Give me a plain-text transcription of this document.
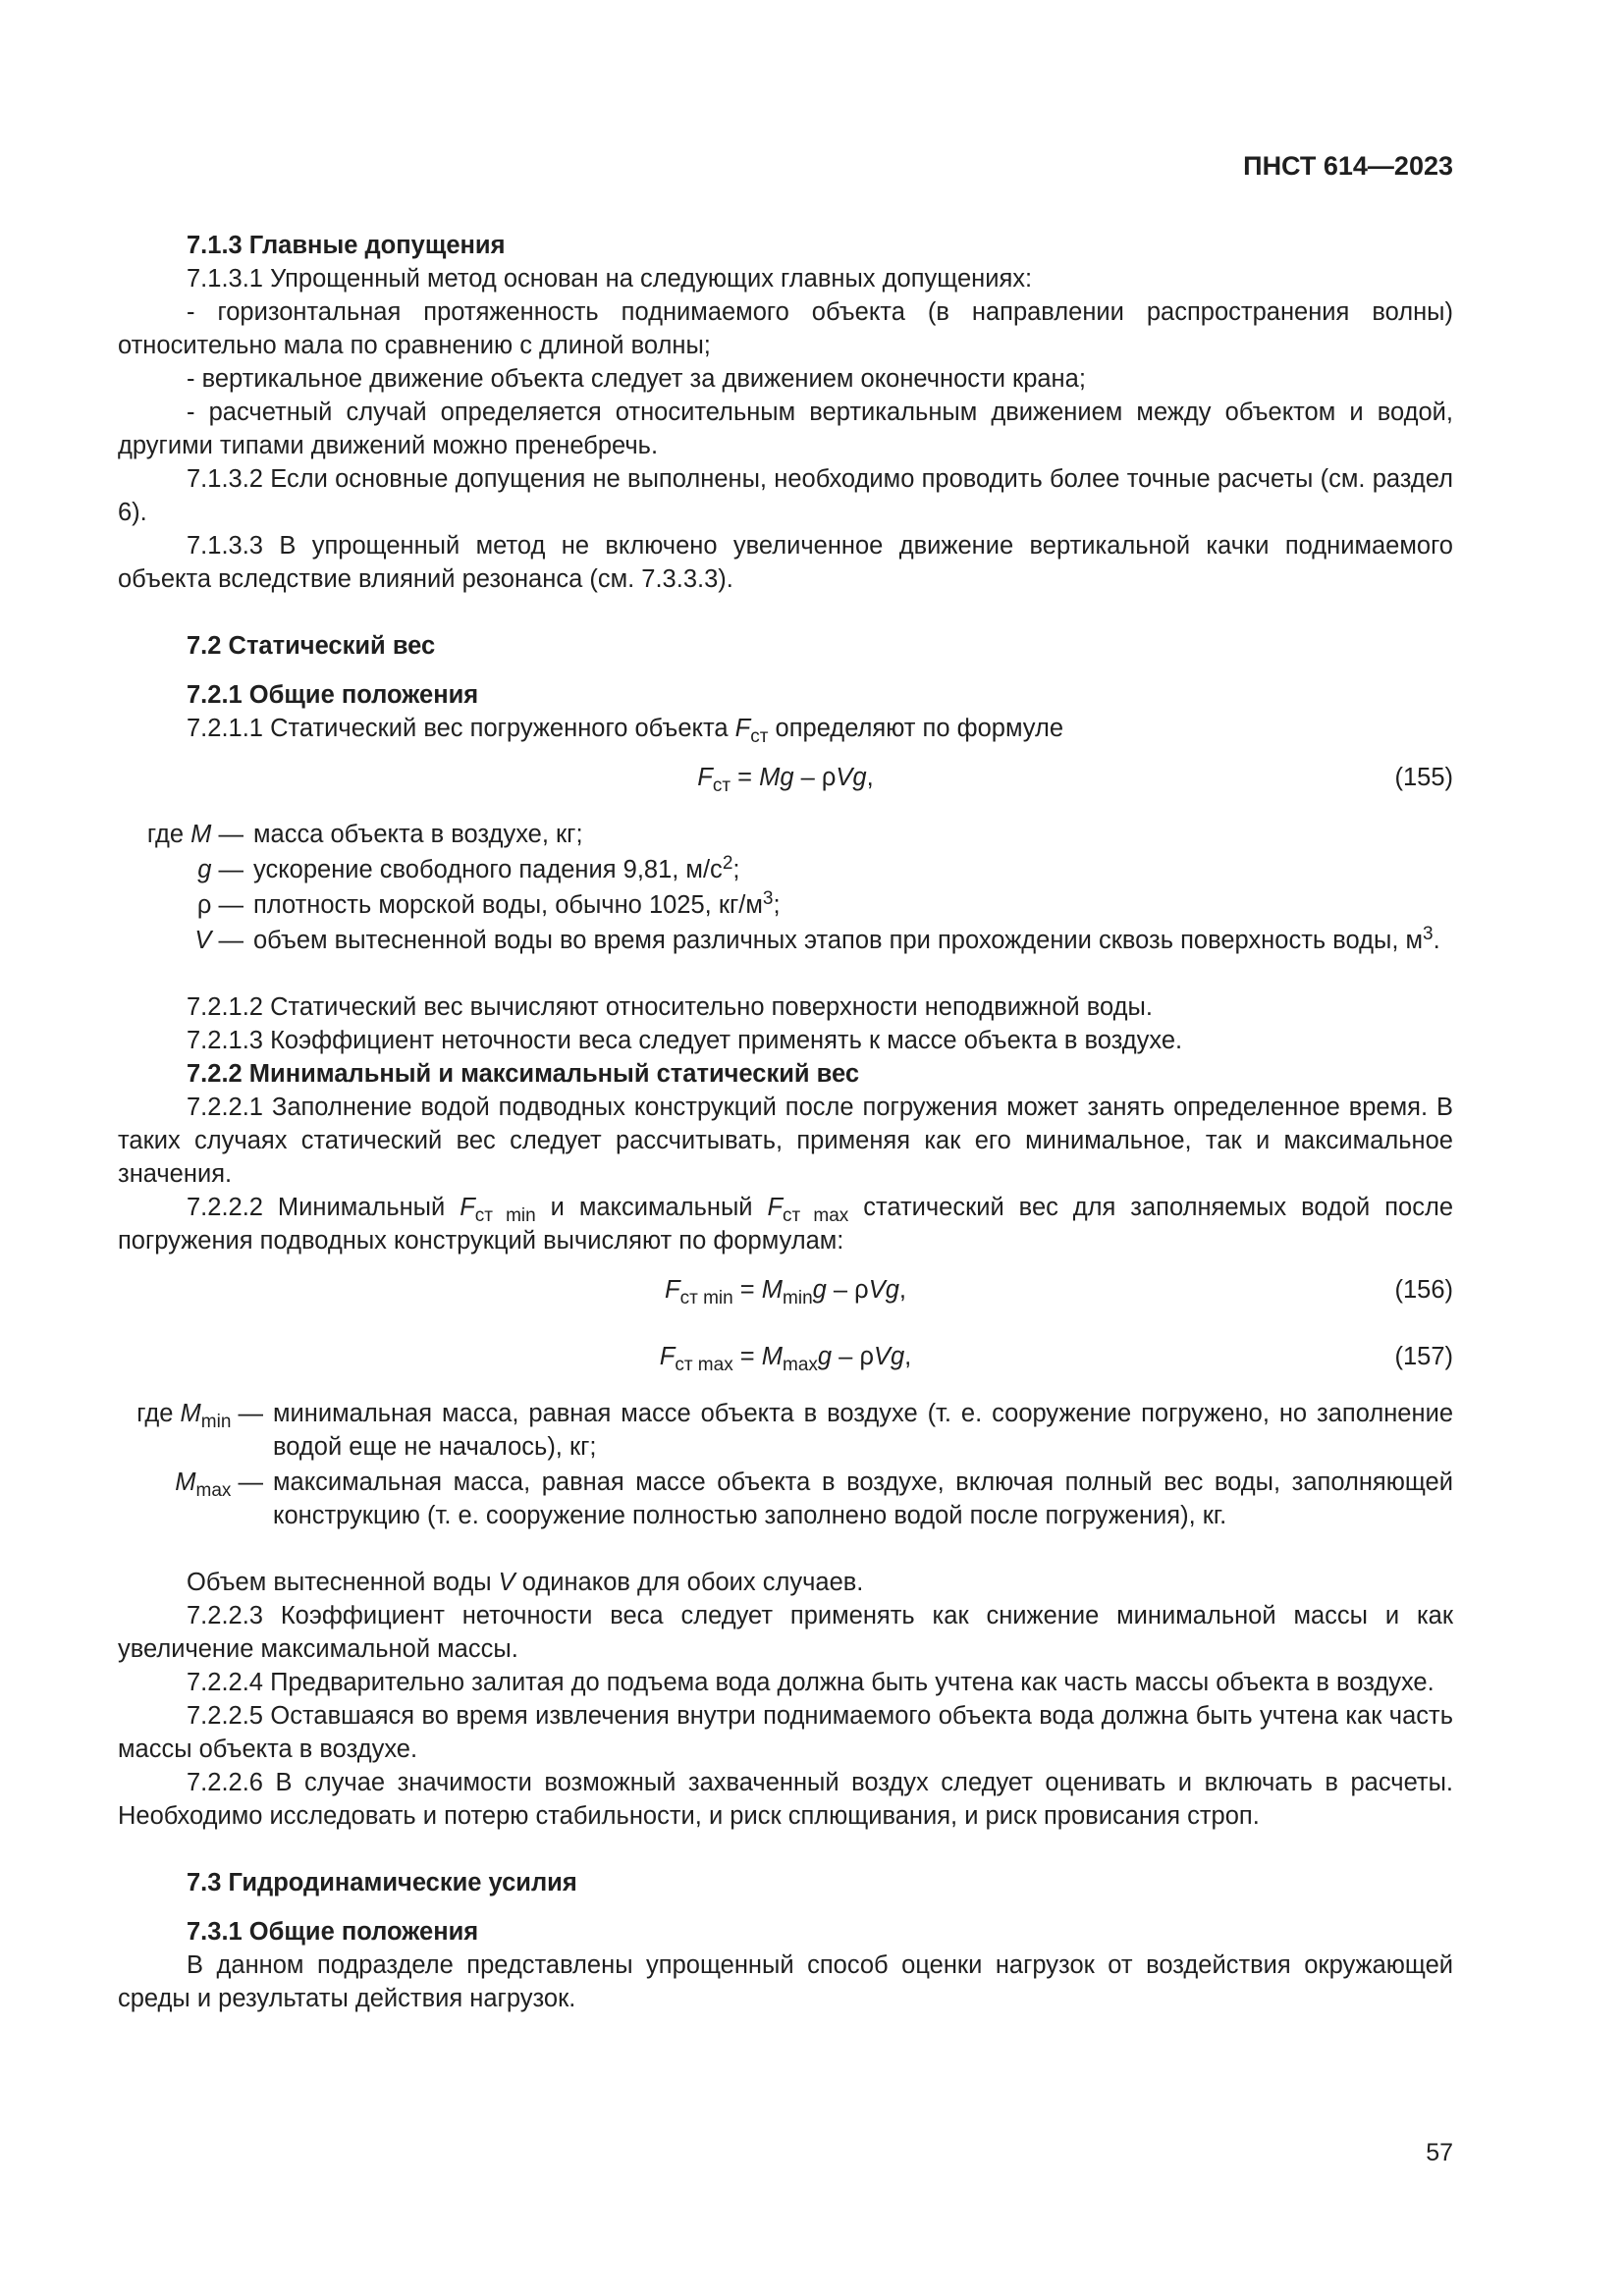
ПНСТ 614—2023

7.1.3 Главные допущения

7.1.3.1 Упрощенный метод основан на следующих главных допущениях:

- горизонтальная протяженность поднимаемого объекта (в направлении распространения волны) относительно мала по сравнению с длиной волны;

- вертикальное движение объекта следует за движением оконечности крана;

- расчетный случай определяется относительным вертикальным движением между объектом и водой, другими типами движений можно пренебречь.

7.1.3.2 Если основные допущения не выполнены, необходимо проводить более точные расчеты (см. раздел 6).

7.1.3.3 В упрощенный метод не включено увеличенное движение вертикальной качки поднимаемого объекта вследствие влияний резонанса (см. 7.3.3.3).

7.2 Статический вес

7.2.1 Общие положения

7.2.1.1 Статический вес погруженного объекта $F_{ст}$ определяют по формуле

$F_{ст} = Mg - \rho Vg$,	(155)
где M — масса объекта в воздухе, кг;
g — ускорение свободного падения 9,81, $м/с^2$;
ρ — плотность морской воды, обычно 1025, $кг/м^3$;
V — объем вытесненной воды во время различных этапов при прохождении сквозь поверхность воды, $м^3$.

7.2.1.2 Статический вес вычисляют относительно поверхности неподвижной воды.

7.2.1.3 Коэффициент неточности веса следует применять к массе объекта в воздухе.

7.2.2 Минимальный и максимальный статический вес

7.2.2.1 Заполнение водой подводных конструкций после погружения может занять определенное время. В таких случаях статический вес следует рассчитывать, применяя как его минимальное, так и максимальное значения.

7.2.2.2 Минимальный $F_{ст min}$ и максимальный $F_{ст max}$ статический вес для заполняемых водой после погружения подводных конструкций вычисляют по формулам:

$F_{ст min} = M_{min}g - \rho Vg$,	(156)
$F_{ст max} = M_{max}g - \rho Vg$,	(157)
где $M_{min}$ — минимальная масса, равная массе объекта в воздухе (т. е. сооружение погружено, но заполнение водой еще не началось), кг;
$M_{max}$ — максимальная масса, равная массе объекта в воздухе, включая полный вес воды, заполняющей конструкцию (т. е. сооружение полностью заполнено водой после погружения), кг.

Объем вытесненной воды V одинаков для обоих случаев.

7.2.2.3 Коэффициент неточности веса следует применять как снижение минимальной массы и как увеличение максимальной массы.

7.2.2.4 Предварительно залитая до подъема вода должна быть учтена как часть массы объекта в воздухе.

7.2.2.5 Оставшаяся во время извлечения внутри поднимаемого объекта вода должна быть учтена как часть массы объекта в воздухе.

7.2.2.6 В случае значимости возможный захваченный воздух следует оценивать и включать в расчеты. Необходимо исследовать и потерю стабильности, и риск сплющивания, и риск провисания строп.

7.3 Гидродинамические усилия

7.3.1 Общие положения

В данном подразделе представлены упрощенный способ оценки нагрузок от воздействия окружающей среды и результаты действия нагрузок.

57
